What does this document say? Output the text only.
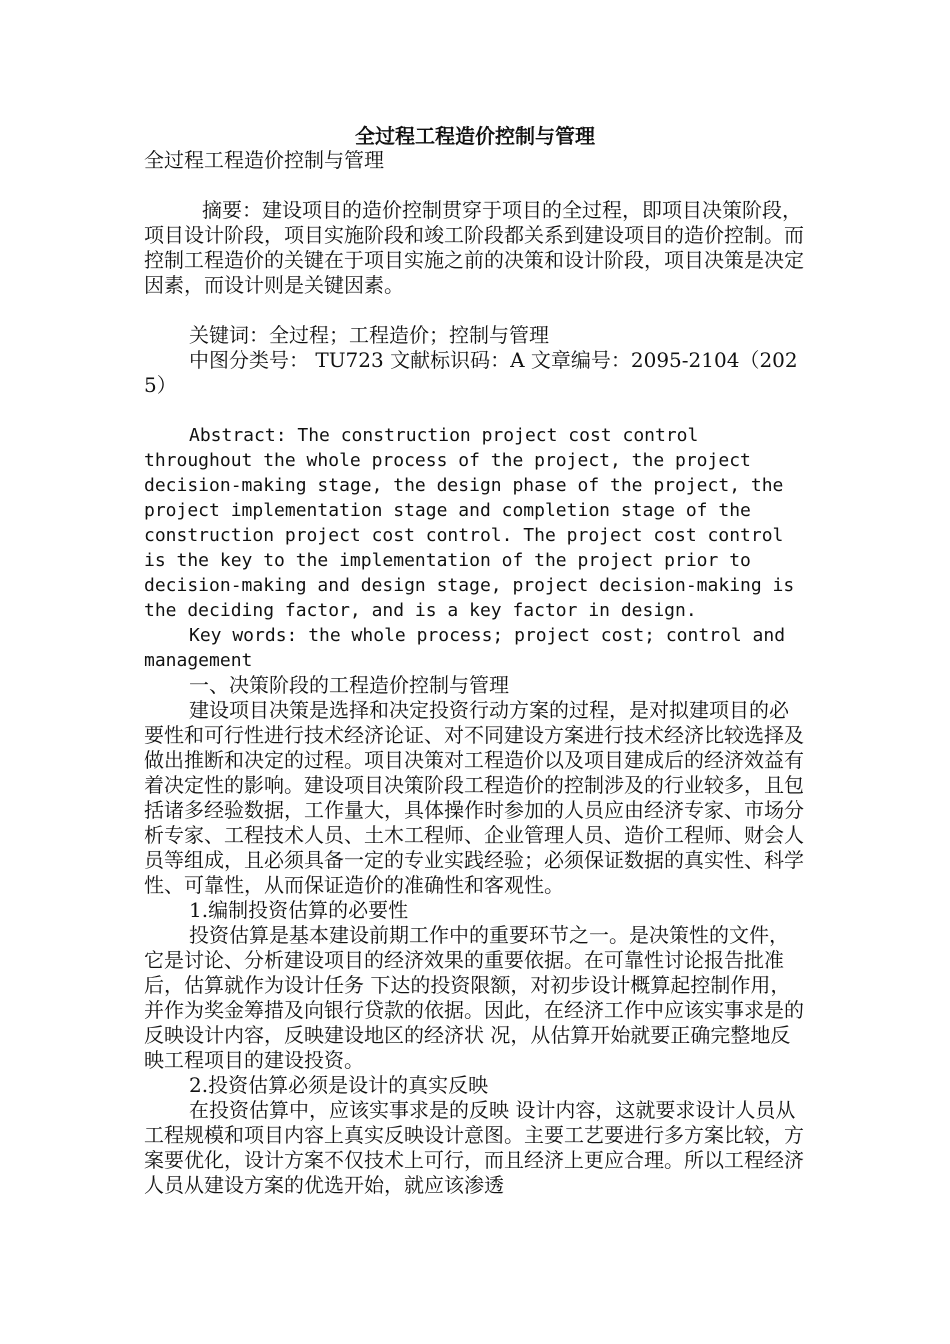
全过程工程造价控制与管理

全过程工程造价控制与管理

摘要：建设项目的造价控制贯穿于项目的全过程，即项目决策阶段，项目设计阶段，项目实施阶段和竣工阶段都关系到建设项目的造价控制。而控制工程造价的关键在于项目实施之前的决策和设计阶段，项目决策是决定因素，而设计则是关键因素。

关键词：全过程；工程造价；控制与管理

中图分类号： TU723 文献标识码：A 文章编号：2095-2104（2025）

Abstract: The construction project cost control throughout the whole process of the project, the project decision-making stage, the design phase of the project, the project implementation stage and completion stage of the construction project cost control. The project cost control is the key to the implementation of the project prior to decision-making and design stage, project decision-making is the deciding factor, and is a key factor in design.

Key words: the whole process; project cost; control and management

一、决策阶段的工程造价控制与管理

建设项目决策是选择和决定投资行动方案的过程，是对拟建项目的必要性和可行性进行技术经济论证、对不同建设方案进行技术经济比较选择及做出推断和决定的过程。项目决策对工程造价以及项目建成后的经济效益有着决定性的影响。建设项目决策阶段工程造价的控制涉及的行业较多，且包括诸多经验数据，工作量大，具体操作时参加的人员应由经济专家、市场分析专家、工程技术人员、土木工程师、企业管理人员、造价工程师、财会人员等组成，且必须具备一定的专业实践经验；必须保证数据的真实性、科学性、可靠性，从而保证造价的准确性和客观性。

1.编制投资估算的必要性

投资估算是基本建设前期工作中的重要环节之一。是决策性的文件，它是讨论、分析建设项目的经济效果的重要依据。在可靠性讨论报告批准后，估算就作为设计任务 下达的投资限额，对初步设计概算起控制作用，并作为奖金筹措及向银行贷款的依据。因此，在经济工作中应该实事求是的反映设计内容，反映建设地区的经济状 况，从估算开始就要正确完整地反映工程项目的建设投资。

2.投资估算必须是设计的真实反映

在投资估算中，应该实事求是的反映 设计内容，这就要求设计人员从工程规模和项目内容上真实反映设计意图。主要工艺要进行多方案比较，方案要优化，设计方案不仅技术上可行，而且经济上更应合理。所以工程经济人员从建设方案的优选开始，就应该渗透
